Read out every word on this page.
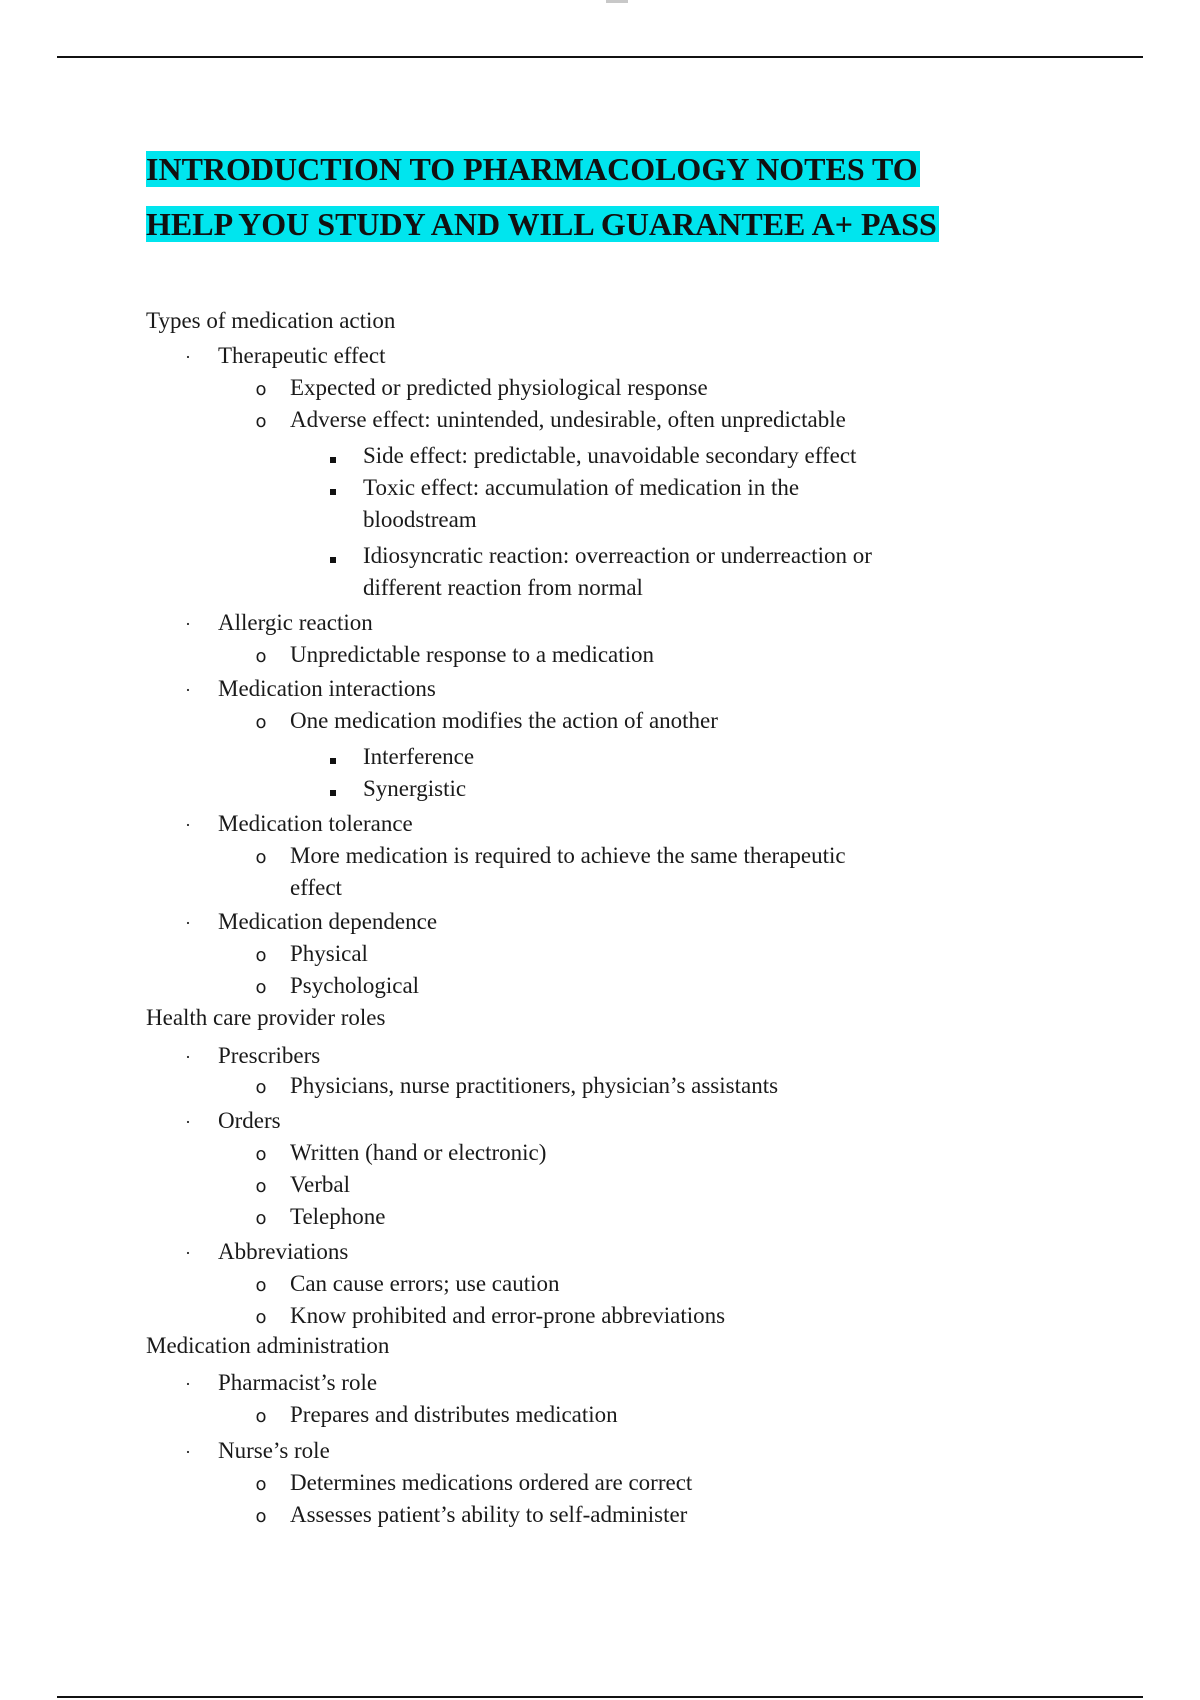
INTRODUCTION TO PHARMACOLOGY NOTES TO
HELP YOU STUDY AND WILL GUARANTEE A+ PASS
Types of medication action
·	Therapeutic effect
o Expected or predicted physiological response
o Adverse effect: unintended, undesirable, often unpredictable
Side effect: predictable, unavoidable secondary effect
Toxic effect: accumulation of medication in the
bloodstream
Idiosyncratic reaction: overreaction or underreaction or
different reaction from normal
·	Allergic reaction
o Unpredictable response to a medication
·	Medication interactions
o One medication modifies the action of another
Interference
Synergistic
·	Medication tolerance
o More medication is required to achieve the same therapeutic
effect
·	Medication dependence
o Physical
o Psychological
Health care provider roles
·	Prescribers
o Physicians, nurse practitioners, physician’s assistants
·	Orders
o Written (hand or electronic)
o Verbal
o Telephone
·	Abbreviations
o Can cause errors; use caution
o Know prohibited and error-prone abbreviations
Medication administration
·	Pharmacist’s role
o Prepares and distributes medication
·	Nurse’s role
o Determines medications ordered are correct
o Assesses patient’s ability to self-administer
